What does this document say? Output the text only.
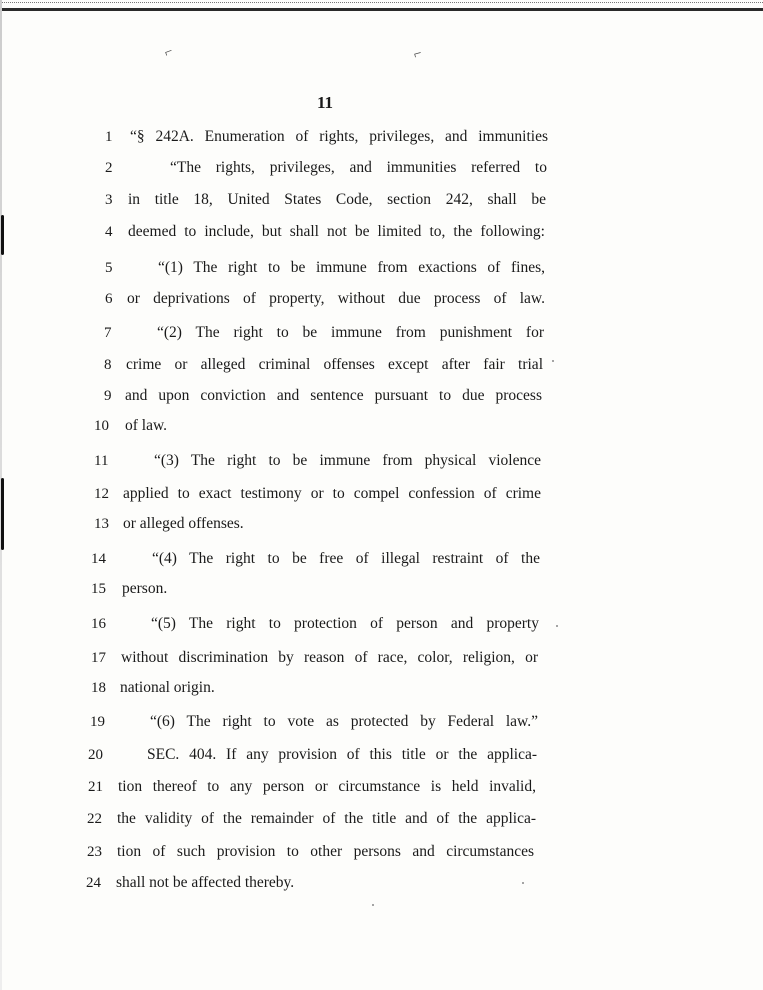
⌐	⌐
11
1	“§ 242A. Enumeration of rights, privileges, and immunities
2	“The rights, privileges, and immunities referred to
3	in title 18, United States Code, section 242, shall be
4	deemed to include, but shall not be limited to, the following:
5	“(1) The right to be immune from exactions of fines,
6 or deprivations of property, without due process of law.
7	“(2) The right to be immune from punishment for
8 crime or alleged criminal offenses except after fair trial
9 and upon conviction and sentence pursuant to due process
10	of law.
11	“(3) The right to be immune from physical violence
12 applied to exact testimony or to compel confession of crime
13 or alleged offenses.
14	“(4) The right to be free of illegal restraint of the
15	person.
16	“(5) The right to protection of person and property
17 without discrimination by reason of race, color, religion, or
18 national origin.
19	“(6) The right to vote as protected by Federal law.”
20	SEC. 404. If any provision of this title or the applica-
21 tion thereof to any person or circumstance is held invalid,
22 the validity of the remainder of the title and of the applica-
23 tion of such provision to other persons and circumstances
24 shall not be affected thereby.
